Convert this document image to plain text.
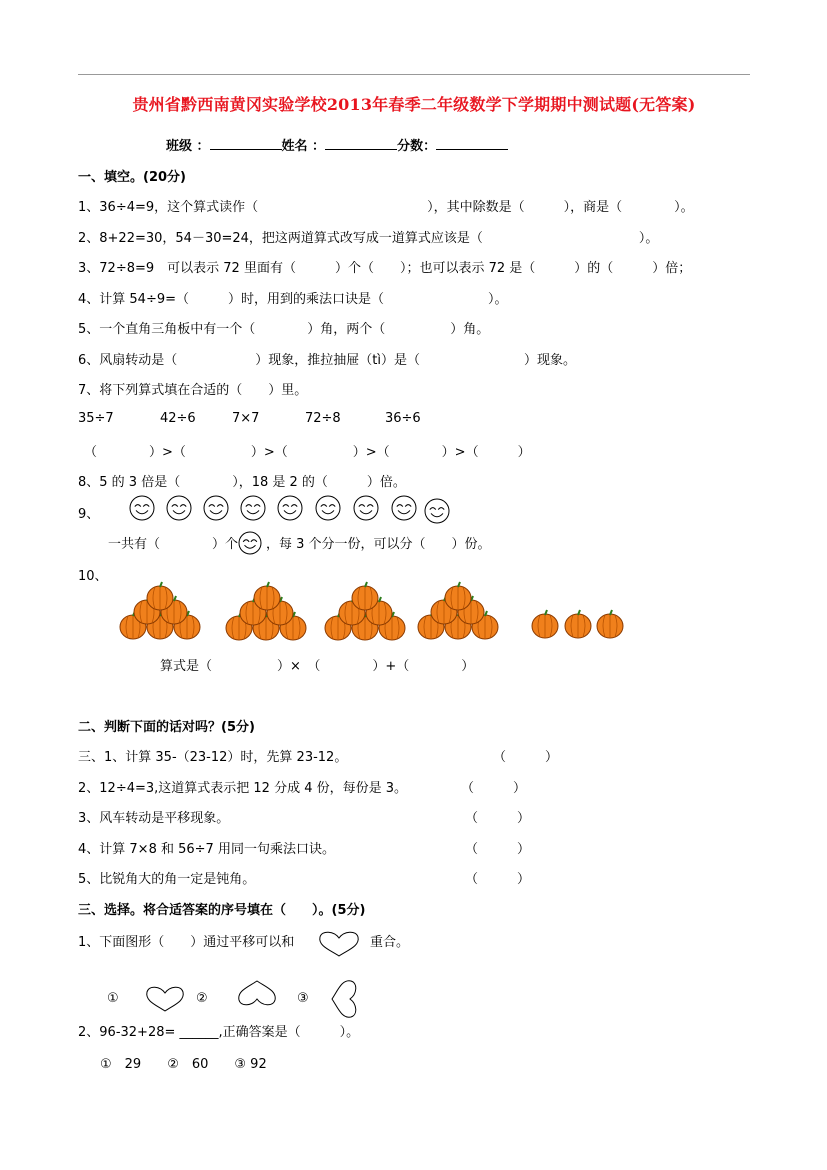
贵州省黔西南黄冈实验学校2013年春季二年级数学下学期期中测试题(无答案)
班级 ：	姓名 ：	分数：
一、填空。(20分)
1、36÷4=9，这个算式读作（　　　　　　　　　　　　　），其中除数是（　　　），商是（　　　　）。
2、8+22=30，54－30=24，把这两道算式改写成一道算式应该是（　　　　　　　　　　　　）。
3、72÷8=9　可以表示 72 里面有（　　　）个（　　）；也可以表示 72 是（　　　）的（　　　）倍；
4、计算 54÷9=（　　　）时，用到的乘法口诀是（　　　　　　　　）。
5、一个直角三角板中有一个（　　　　）角，两个（　　　　　）角。
6、风扇转动是（　　　　　　）现象，推拉抽屉（tì）是（　　　　　　　　）现象。
7、将下列算式填在合适的（　　）里。
35÷7	42÷6	7×7	72÷8	36÷6
（　　　　）>（　　　　　）>（　　　　　）>（　　　　）>（　　　）
8、5 的 3 倍是（　　　　），18 是 2 的（　　　）倍。
9、
一共有（　　　　）个 ，每 3 个分一份，可以分（　　）份。
10、
算式是（　　　　　）×　（　　　　）+（　　　　）
二、判断下面的话对吗？(5分)
三、1、计算 35-（23-12）时，先算 23-12。	（　　　）
2、12÷4=3,这道算式表示把 12 分成 4 份，每份是 3。	（　　　）
3、风车转动是平移现象。	（　　　）
4、计算 7×8 和 56÷7 用同一句乘法口诀。	（　　　）
5、比锐角大的角一定是钝角。	（　　　）
三、选择。将合适答案的序号填在（　　）。(5分)
1、下面图形（　　）通过平移可以和	重合。
①	②	③
2、96-32+28= ______,正确答案是（　　　）。
①　29　　②　60　　③ 92
